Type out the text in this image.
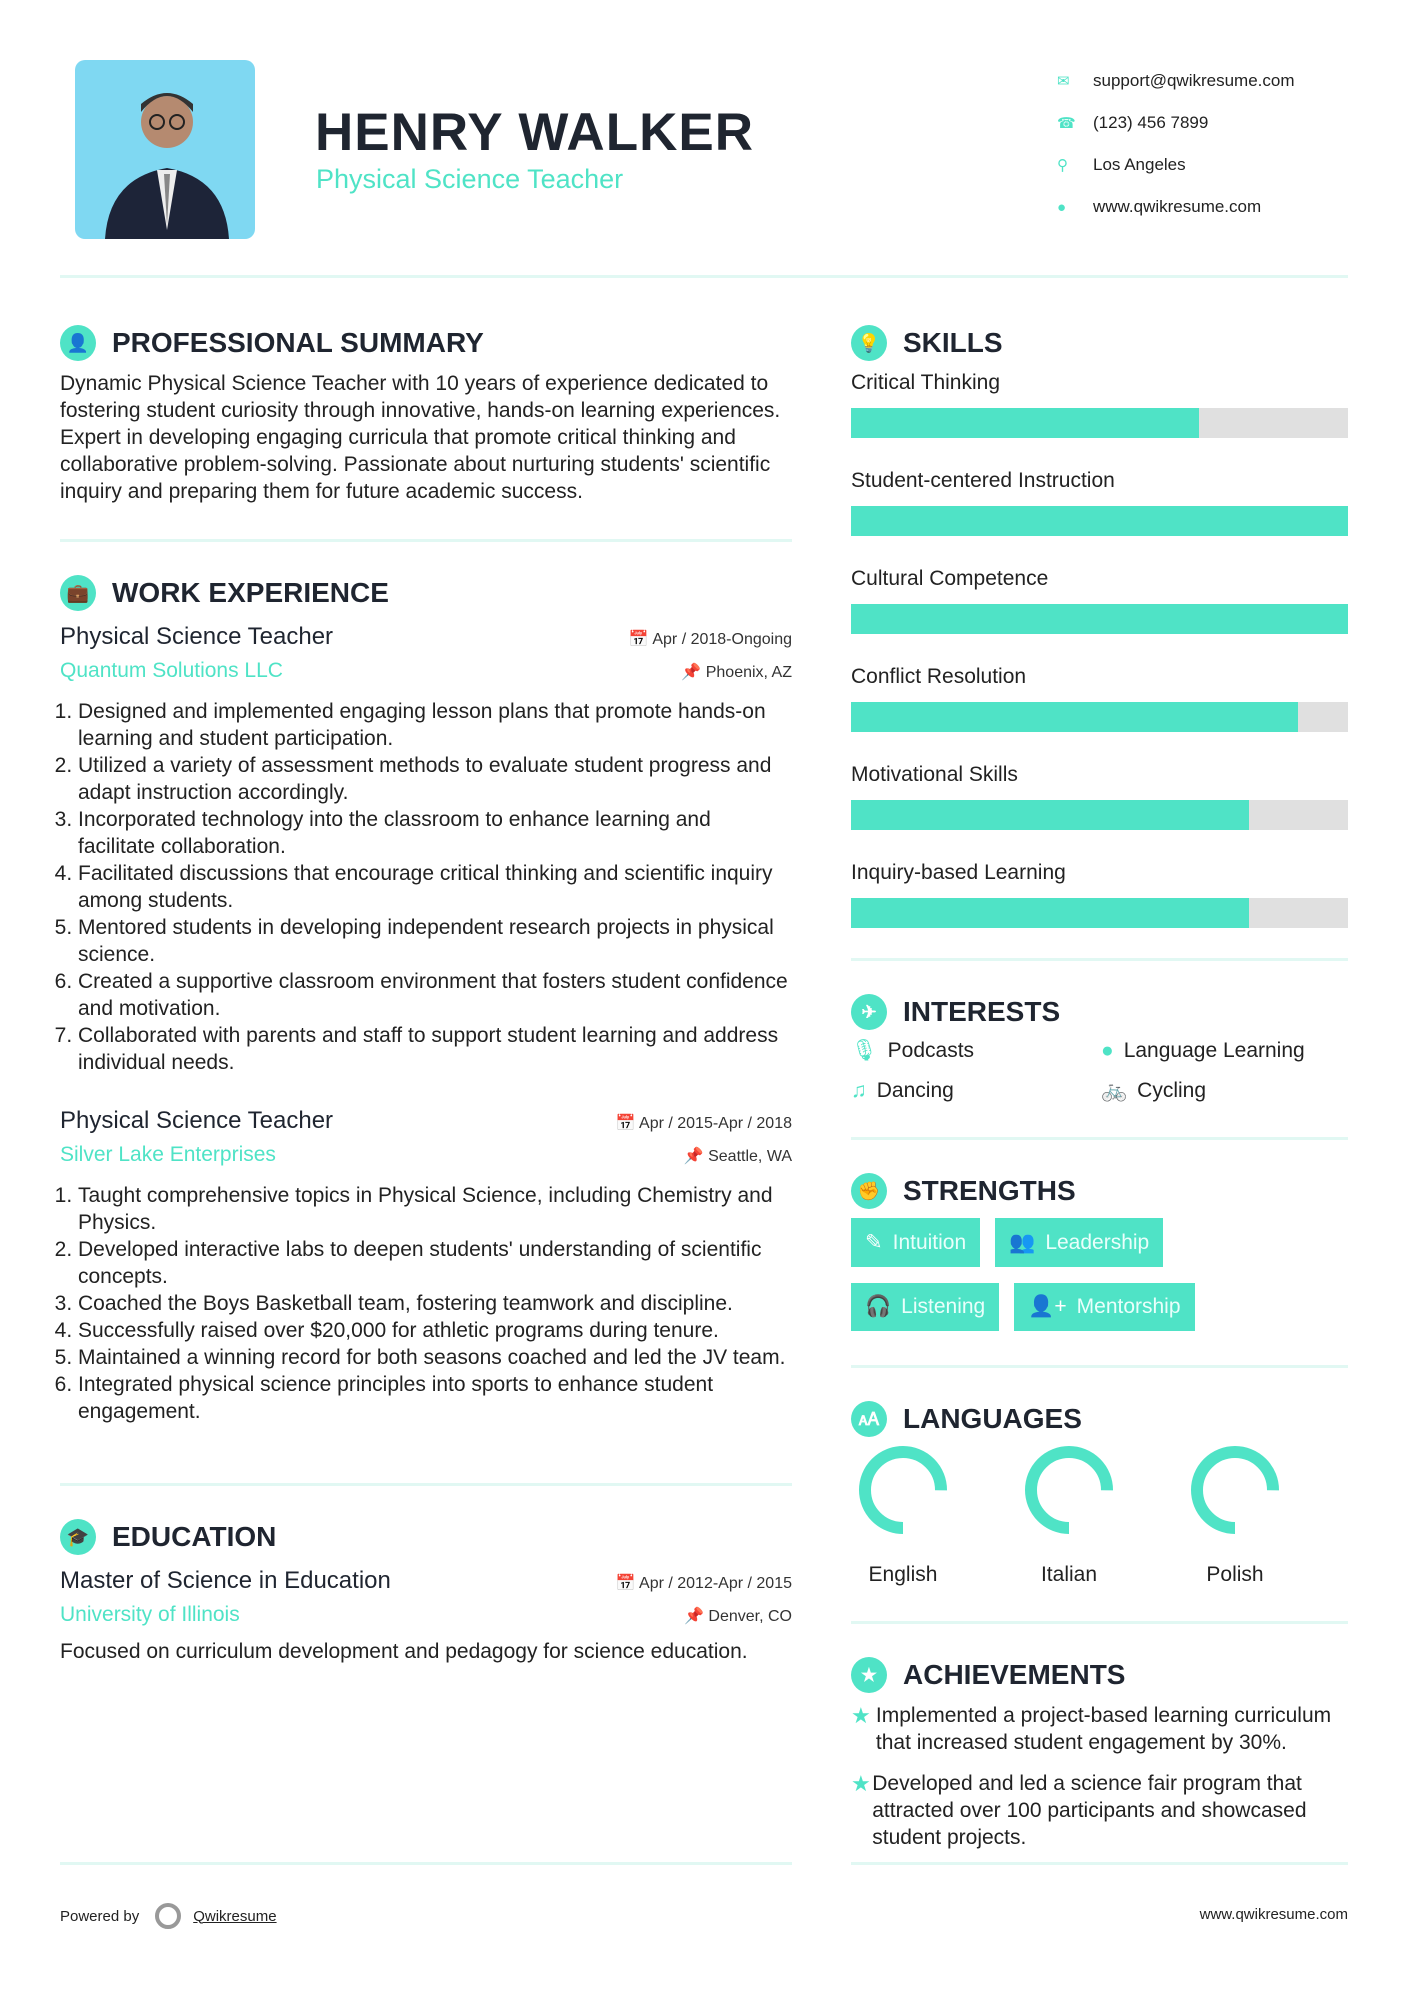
HENRY WALKER
Physical Science Teacher
✉	support@qwikresume.com
☎	(123) 456 7899
⚲	Los Angeles
●	www.qwikresume.com
👤 PROFESSIONAL SUMMARY

Dynamic Physical Science Teacher with 10 years of experience dedicated to fostering student curiosity through innovative, hands-on learning experiences. Expert in developing engaging curricula that promote critical thinking and collaborative problem-solving. Passionate about nurturing students' scientific inquiry and preparing them for future academic success.

💼 WORK EXPERIENCE
Physical Science Teacher	📅 Apr / 2018-Ongoing
Quantum Solutions LLC	📌 Phoenix, AZ
1. Designed and implemented engaging lesson plans that promote hands-on learning and student participation.
2. Utilized a variety of assessment methods to evaluate student progress and adapt instruction accordingly.
3. Incorporated technology into the classroom to enhance learning and facilitate collaboration.
4. Facilitated discussions that encourage critical thinking and scientific inquiry among students.
5. Mentored students in developing independent research projects in physical science.
6. Created a supportive classroom environment that fosters student confidence and motivation.
7. Collaborated with parents and staff to support student learning and address individual needs.
Physical Science Teacher	📅 Apr / 2015-Apr / 2018
Silver Lake Enterprises	📌 Seattle, WA
1. Taught comprehensive topics in Physical Science, including Chemistry and Physics.
2. Developed interactive labs to deepen students' understanding of scientific concepts.
3. Coached the Boys Basketball team, fostering teamwork and discipline.
4. Successfully raised over $20,000 for athletic programs during tenure.
5. Maintained a winning record for both seasons coached and led the JV team.
6. Integrated physical science principles into sports to enhance student engagement.
🎓 EDUCATION
Master of Science in Education	📅 Apr / 2012-Apr / 2015
University of Illinois	📌 Denver, CO

Focused on curriculum development and pedagogy for science education.

💡 SKILLS
Critical Thinking
Student-centered Instruction
Cultural Competence
Conflict Resolution
Motivational Skills
Inquiry-based Learning
✈ INTERESTS
🎙 Podcasts	● Language Learning
♫ Dancing	🚲 Cycling
✊ STRENGTHS
✎ Intuition 👥 Leadership
🎧 Listening 👤+ Mentorship
🗚 LANGUAGES
English	Italian	Polish
★ ACHIEVEMENTS
★ Implemented a project-based learning curriculum that increased student engagement by 30%.
★ Developed and led a science fair program that attracted over 100 participants and showcased student projects.
Powered by	Qwikresume	www.qwikresume.com
